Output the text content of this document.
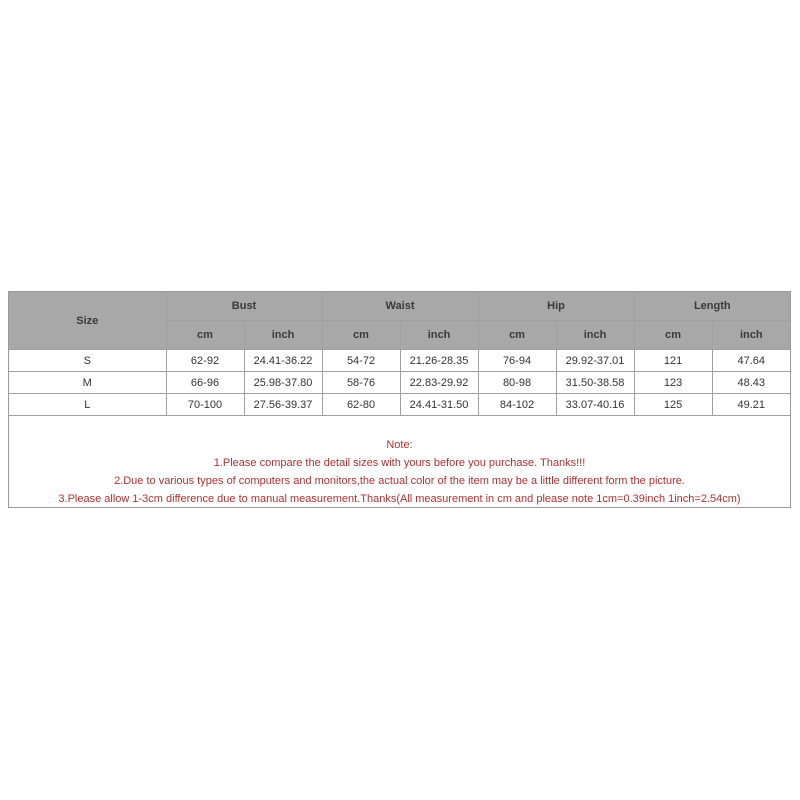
Size	Bust		Waist		Hip		Length	
	cm	inch	cm	inch	cm	inch	cm	inch
S	62-92	24.41-36.22	54-72	21.26-28.35	76-94	29.92-37.01	121	47.64
M	66-96	25.98-37.80	58-76	22.83-29.92	80-98	31.50-38.58	123	48.43
L	70-100	27.56-39.37	62-80	24.41-31.50	84-102	33.07-40.16	125	49.21
Note:
1.Please compare the detail sizes with yours before you purchase. Thanks!!!
2.Due to various types of computers and monitors,the actual color of the item may be a little different form the picture.
3.Please allow 1-3cm difference due to manual measurement.Thanks(All measurement in cm and please note 1cm=0.39inch 1inch=2.54cm)
